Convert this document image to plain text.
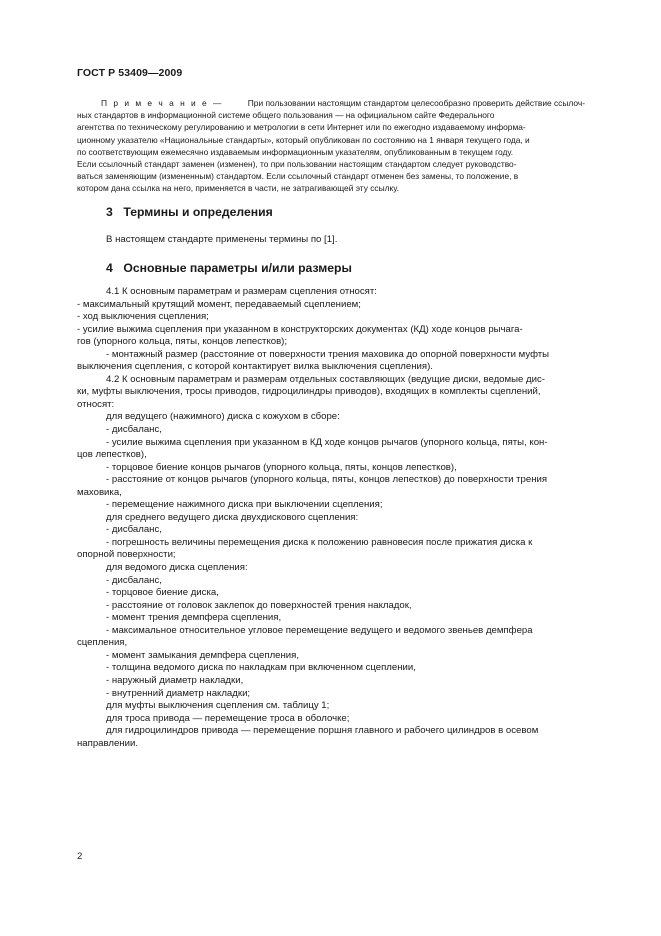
ГОСТ Р 53409—2009
П р и м е ч а н и е —	При пользовании настоящим стандартом целесообразно проверить действие ссылоч-
ных стандартов в информационной системе общего пользования — на официальном сайте Федерального
агентства по техническому регулированию и метрологии в сети Интернет или по ежегодно издаваемому информа-
ционному указателю «Национальные стандарты», который опубликован по состоянию на 1 января текущего года, и
по соответствующим ежемесячно издаваемым информационным указателям, опубликованным в текущем году.
Если ссылочный стандарт заменен (изменен), то при пользовании настоящим стандартом следует руководство-
ваться заменяющим (измененным) стандартом. Если ссылочный стандарт отменен без замены, то положение, в
котором дана ссылка на него, применяется в части, не затрагивающей эту ссылку.
3 Термины и определения
В настоящем стандарте применены термины по [1].
4 Основные параметры и/или размеры
4.1 К основным параметрам и размерам сцепления относят:
- максимальный крутящий момент, передаваемый сцеплением;
- ход выключения сцепления;
- усилие выжима сцепления при указанном в конструкторских документах (КД) ходе концов рычага-
гов (упорного кольца, пяты, концов лепестков);
- монтажный размер (расстояние от поверхности трения маховика до опорной поверхности муфты
выключения сцепления, с которой контактирует вилка выключения сцепления).
4.2 К основным параметрам и размерам отдельных составляющих (ведущие диски, ведомые дис-
ки, муфты выключения, тросы приводов, гидроцилиндры приводов), входящих в комплекты сцеплений,
относят:
для ведущего (нажимного) диска с кожухом в сборе:
- дисбаланс,
- усилие выжима сцепления при указанном в КД ходе концов рычагов (упорного кольца, пяты, кон-
цов лепестков),
- торцовое биение концов рычагов (упорного кольца, пяты, концов лепестков),
- расстояние от концов рычагов (упорного кольца, пяты, концов лепестков) до поверхности трения
маховика,
- перемещение нажимного диска при выключении сцепления;
для среднего ведущего диска двухдискового сцепления:
- дисбаланс,
- погрешность величины перемещения диска к положению равновесия после прижатия диска к
опорной поверхности;
для ведомого диска сцепления:
- дисбаланс,
- торцовое биение диска,
- расстояние от головок заклепок до поверхностей трения накладок,
- момент трения демпфера сцепления,
- максимальное относительное угловое перемещение ведущего и ведомого звеньев демпфера
сцепления,
- момент замыкания демпфера сцепления,
- толщина ведомого диска по накладкам при включенном сцеплении,
- наружный диаметр накладки,
- внутренний диаметр накладки;
для муфты выключения сцепления см. таблицу 1;
для троса привода — перемещение троса в оболочке;
для гидроцилиндров привода — перемещение поршня главного и рабочего цилиндров в осевом
направлении.
2
